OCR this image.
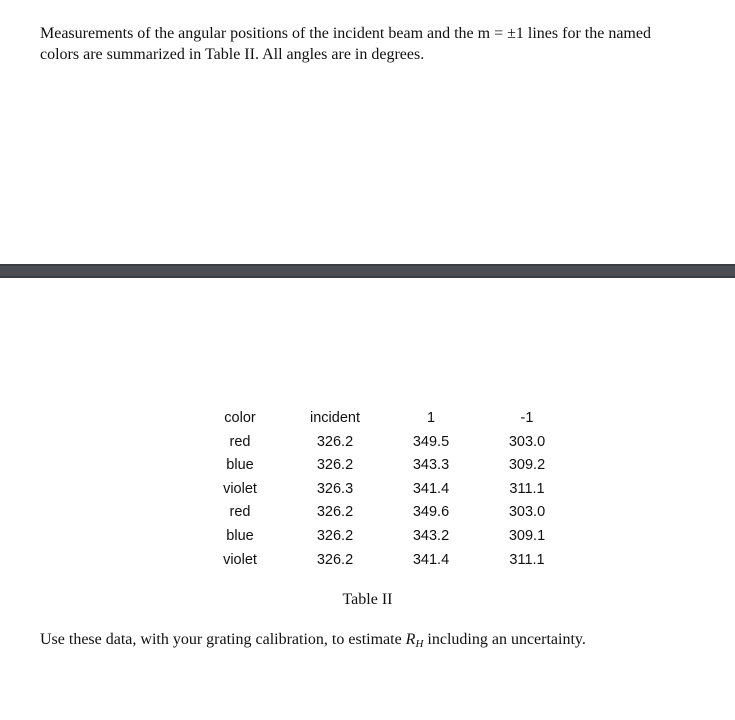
Measurements of the angular positions of the incident beam and the m = ±1 lines for the named
colors are summarized in Table II. All angles are in degrees.

color	incident	1	-1
red	326.2	349.5	303.0
blue	326.2	343.3	309.2
violet	326.3	341.4	311.1
red	326.2	349.6	303.0
blue	326.2	343.2	309.1
violet	326.2	341.4	311.1

Table II

Use these data, with your grating calibration, to estimate $R_H$ including an uncertainty.
